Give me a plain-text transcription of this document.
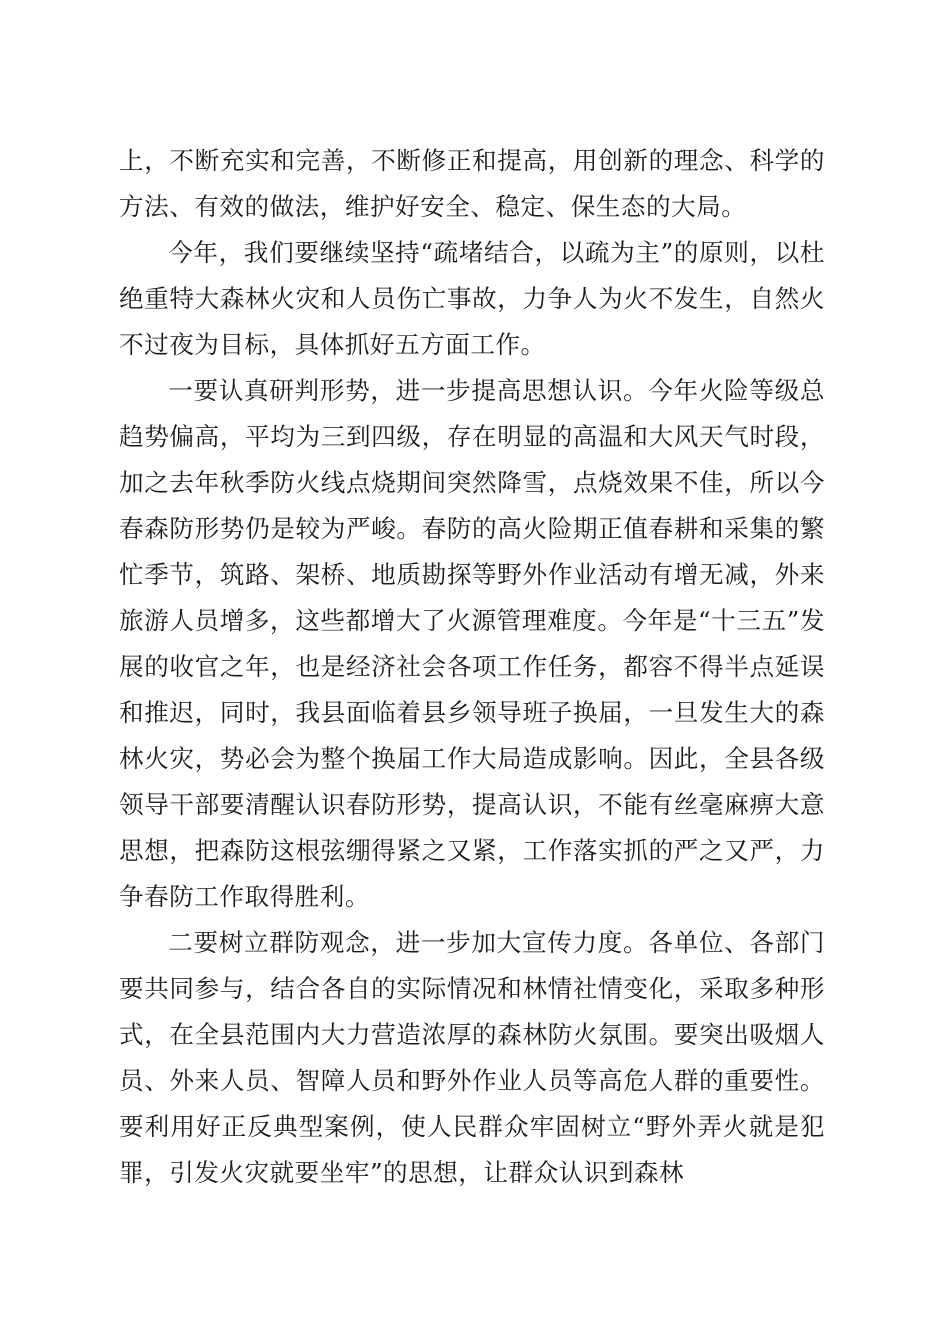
上，不断充实和完善，不断修正和提高，用创新的理念、科学的方法、有效的做法，维护好安全、稳定、保生态的大局。

今年，我们要继续坚持“疏堵结合，以疏为主”的原则，以杜绝重特大森林火灾和人员伤亡事故，力争人为火不发生，自然火不过夜为目标，具体抓好五方面工作。

一要认真研判形势，进一步提高思想认识。今年火险等级总趋势偏高，平均为三到四级，存在明显的高温和大风天气时段，加之去年秋季防火线点烧期间突然降雪，点烧效果不佳，所以今春森防形势仍是较为严峻。春防的高火险期正值春耕和采集的繁忙季节，筑路、架桥、地质勘探等野外作业活动有增无减，外来旅游人员增多，这些都增大了火源管理难度。今年是“十三五”发展的收官之年，也是经济社会各项工作任务，都容不得半点延误和推迟，同时，我县面临着县乡领导班子换届，一旦发生大的森林火灾，势必会为整个换届工作大局造成影响。因此，全县各级领导干部要清醒认识春防形势，提高认识，不能有丝毫麻痹大意思想，把森防这根弦绷得紧之又紧，工作落实抓的严之又严，力争春防工作取得胜利。

二要树立群防观念，进一步加大宣传力度。各单位、各部门要共同参与，结合各自的实际情况和林情社情变化，采取多种形式，在全县范围内大力营造浓厚的森林防火氛围。要突出吸烟人员、外来人员、智障人员和野外作业人员等高危人群的重要性。要利用好正反典型案例，使人民群众牢固树立“野外弄火就是犯罪，引发火灾就要坐牢”的思想，让群众认识到森林
